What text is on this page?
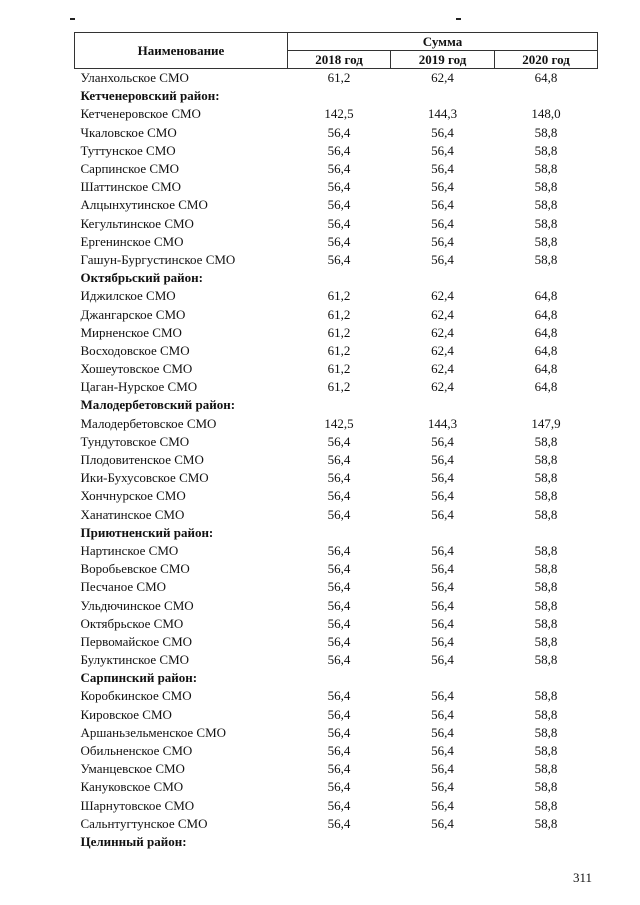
Наименование	Сумма		
	2018 год	2019 год	2020 год
Уланхольское СМО	61,2	62,4	64,8
Кетченеровский район:			
Кетченеровское СМО	142,5	144,3	148,0
Чкаловское СМО	56,4	56,4	58,8
Туттунское СМО	56,4	56,4	58,8
Сарпинское СМО	56,4	56,4	58,8
Шаттинское СМО	56,4	56,4	58,8
Алцынхутинское СМО	56,4	56,4	58,8
Кегультинское СМО	56,4	56,4	58,8
Ергенинское СМО	56,4	56,4	58,8
Гашун-Бургустинское СМО	56,4	56,4	58,8
Октябрьский район:			
Иджилское СМО	61,2	62,4	64,8
Джангарское СМО	61,2	62,4	64,8
Мирненское СМО	61,2	62,4	64,8
Восходовское СМО	61,2	62,4	64,8
Хошеутовское СМО	61,2	62,4	64,8
Цаган-Нурское СМО	61,2	62,4	64,8
Малодербетовский район:			
Малодербетовское СМО	142,5	144,3	147,9
Тундутовское СМО	56,4	56,4	58,8
Плодовитенское СМО	56,4	56,4	58,8
Ики-Бухусовское СМО	56,4	56,4	58,8
Хончнурское СМО	56,4	56,4	58,8
Ханатинское СМО	56,4	56,4	58,8
Приютненский район:			
Нартинское СМО	56,4	56,4	58,8
Воробьевское СМО	56,4	56,4	58,8
Песчаное СМО	56,4	56,4	58,8
Ульдючинское СМО	56,4	56,4	58,8
Октябрьское СМО	56,4	56,4	58,8
Первомайское СМО	56,4	56,4	58,8
Булуктинское СМО	56,4	56,4	58,8
Сарпинский район:			
Коробкинское СМО	56,4	56,4	58,8
Кировское СМО	56,4	56,4	58,8
Аршаньзельменское СМО	56,4	56,4	58,8
Обильненское СМО	56,4	56,4	58,8
Уманцевское СМО	56,4	56,4	58,8
Кануковское СМО	56,4	56,4	58,8
Шарнутовское СМО	56,4	56,4	58,8
Сальнтугтунское СМО	56,4	56,4	58,8
Целинный район:			
311
